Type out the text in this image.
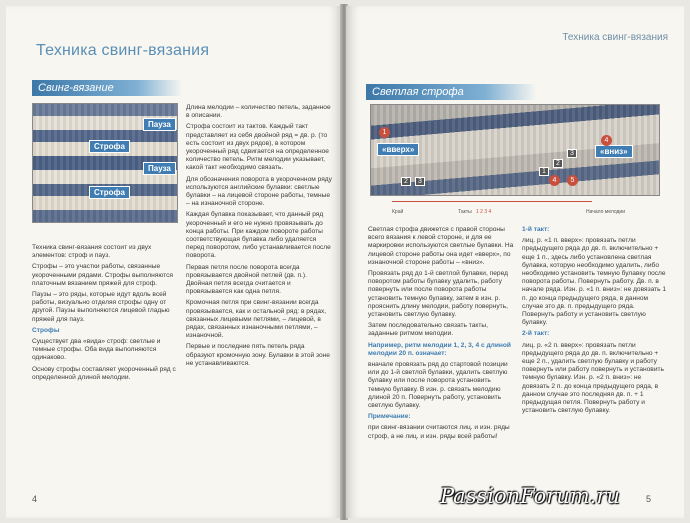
Техника свинг-вязания
Свинг-вязание
Пауза
Строфа
Пауза
Строфа

Техника свинг-вязания состоит из двух элементов: строф и пауз.

Строфы – это участки работы, связанные укороченными рядами. Строфы выполняются платочным вязанием пряжей для строф.

Паузы – это ряды, которые идут вдоль всей работы, визуально отделяя строфы одну от другой. Паузы выполняются лицевой гладью пряжей для пауз.

Строфы

Существует два «вида» строф: светлые и темные строфы. Оба вида выполняются одинаково.

Основу строфы составляет укороченный ряд с определенной длиной мелодии.

Длина мелодии – количество петель, заданное в описании.

Строфа состоит из тактов. Каждый такт представляет из себя двойной ряд = дв. р. (то есть состоит из двух рядов), в котором укороченный ряд сдвигается на определенное количество петель. Ритм мелодии указывает, какой такт необходимо связать.

Для обозначения поворота в укороченном ряду используются английские булавки: светлые булавки – на лицевой стороне работы, темные – на изнаночной стороне.

Каждая булавка показывает, что данный ряд укороченный и его не нужно провязывать до конца работы. При каждом повороте работы соответствующая булавка либо удаляется перед поворотом, либо устанавливается после поворота.

Первая петля после поворота всегда провязывается двойной петлей (дв. п.). Двойная петля всегда считается и провязывается как одна петля.

Кромочная петля при свинг-вязании всегда провязывается, как и остальной ряд: в рядах, связанных лицевыми петлями, – лицевой, в рядах, связанных изнаночными петлями, – изнаночной.

Первые и последние пять петель ряда образуют кромочную зону. Булавки в этой зоне не устанавливаются.

4
Техника свинг-вязания
Светлая строфа
1
«вверх»	«вниз»
4
3
2
1
5
4
3
2
Край	Такты 1 2 3 4	Начало мелодии

Светлая строфа движется с правой стороны всего вязания к левой стороне, и для ее маркировки используются светлые булавки. На лицевой стороне работы она идет «вверх», по изнаночной стороне работы – «вниз».

Провязать ряд до 1-й светлой булавки, перед поворотом работы булавку удалить, работу повернуть или после поворота работы установить темную булавку, затем в изн. р. прояснить длину мелодии, работу повернуть, установить светлую булавку.

Затем последовательно связать такты, заданные ритмом мелодии.

Например, ритм мелодии 1, 2, 3, 4 с длиной мелодии 20 п. означает:

вначале провязать ряд до стартовой позиции или до 1-й светлой булавки, удалить светлую булавку или после поворота установить темную булавку. В изн. р. связать мелодию длиной 20 п. Повернуть работу, установить светлую булавку.

Примечание:

при свинг-вязании считаются лиц. и изн. ряды строф, а не лиц. и изн. ряды всей работы!

1-й такт:

лиц. р. «1 п. вверх»: провязать петли предыдущего ряда до дв. п. включительно + еще 1 п., здесь либо установлена светлая булавка, которую необходимо удалить, либо необходимо установить темную булавку после поворота работы. Повернуть работу. Дв. п. в начале ряда. Изн. р. «1 п. вниз»: не довязать 1 п. до конца предыдущего ряда, в данном случае это дв. п. предыдущего ряда. Повернуть работу и установить светлую булавку.

2-й такт:

лиц. р. «2 п. вверх»: провязать петли предыдущего ряда до дв. п. включительно + еще 2 п., удалить светлую булавку и работу повернуть или работу повернуть и установить темную булавку. Изн. р. «2 п. вниз»: не довязать 2 п. до конца предыдущего ряда, в данном случае это последняя дв. п. + 1 предыдущая петля. Повернуть работу и установить светлую булавку.

5
PassionForum.ru
